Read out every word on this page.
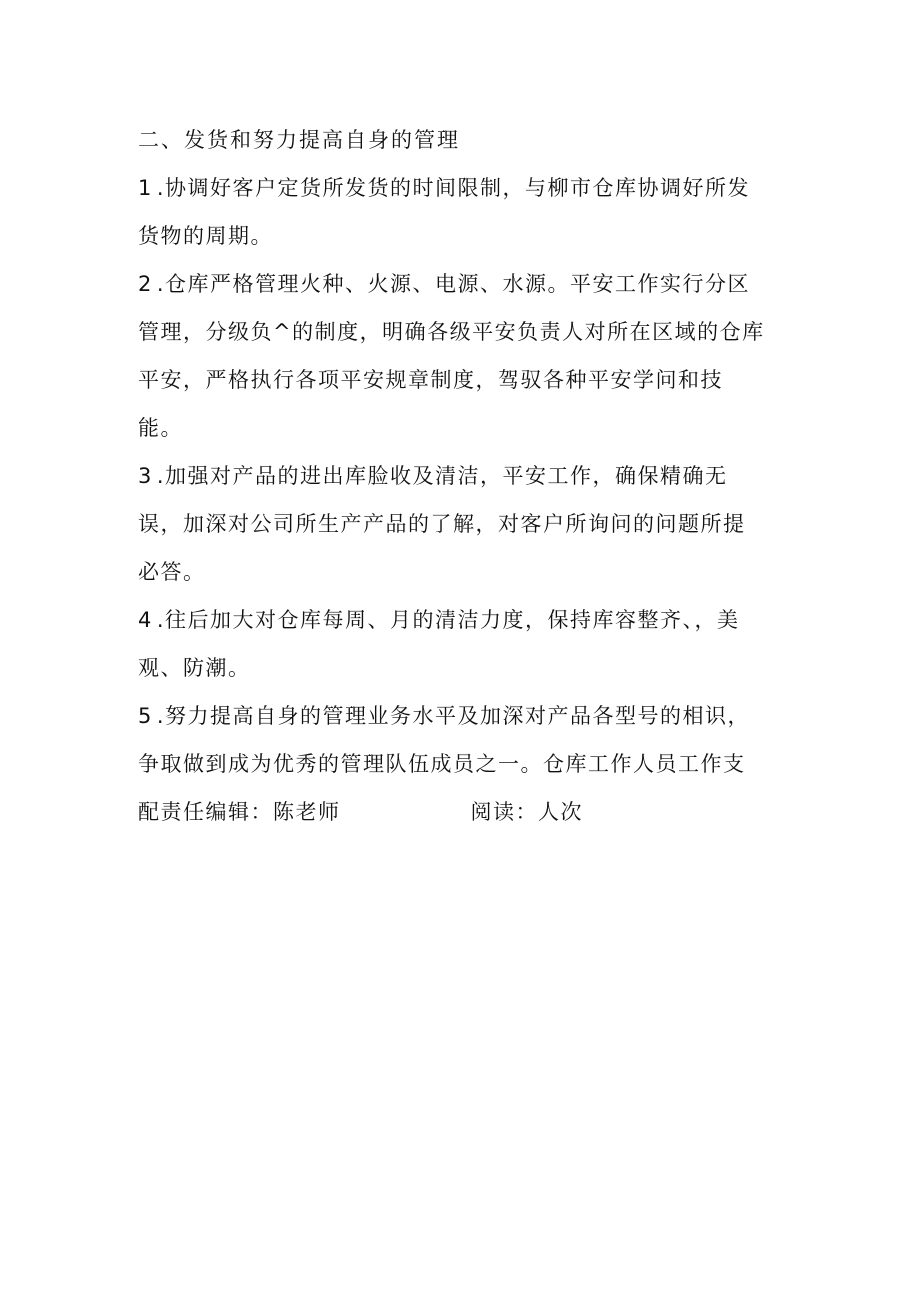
二、发货和努力提高自身的管理
1 .协调好客户定货所发货的时间限制，与柳市仓库协调好所发
货物的周期。
2 .仓库严格管理火种、火源、电源、水源。平安工作实行分区
管理，分级负^的制度，明确各级平安负责人对所在区域的仓库
平安，严格执行各项平安规章制度，驾驭各种平安学问和技
能。
3 .加强对产品的进出库脸收及清洁，平安工作，确保精确无
误，加深对公司所生产产品的了解，对客户所询问的问题所提
必答。
4 .往后加大对仓库每周、月的清洁力度，保持库容整齐、，美
观、防潮。
5 .努力提高自身的管理业务水平及加深对产品各型号的相识，
争取做到成为优秀的管理队伍成员之一。仓库工作人员工作支
配责任编辑：陈老师	阅读：人次
